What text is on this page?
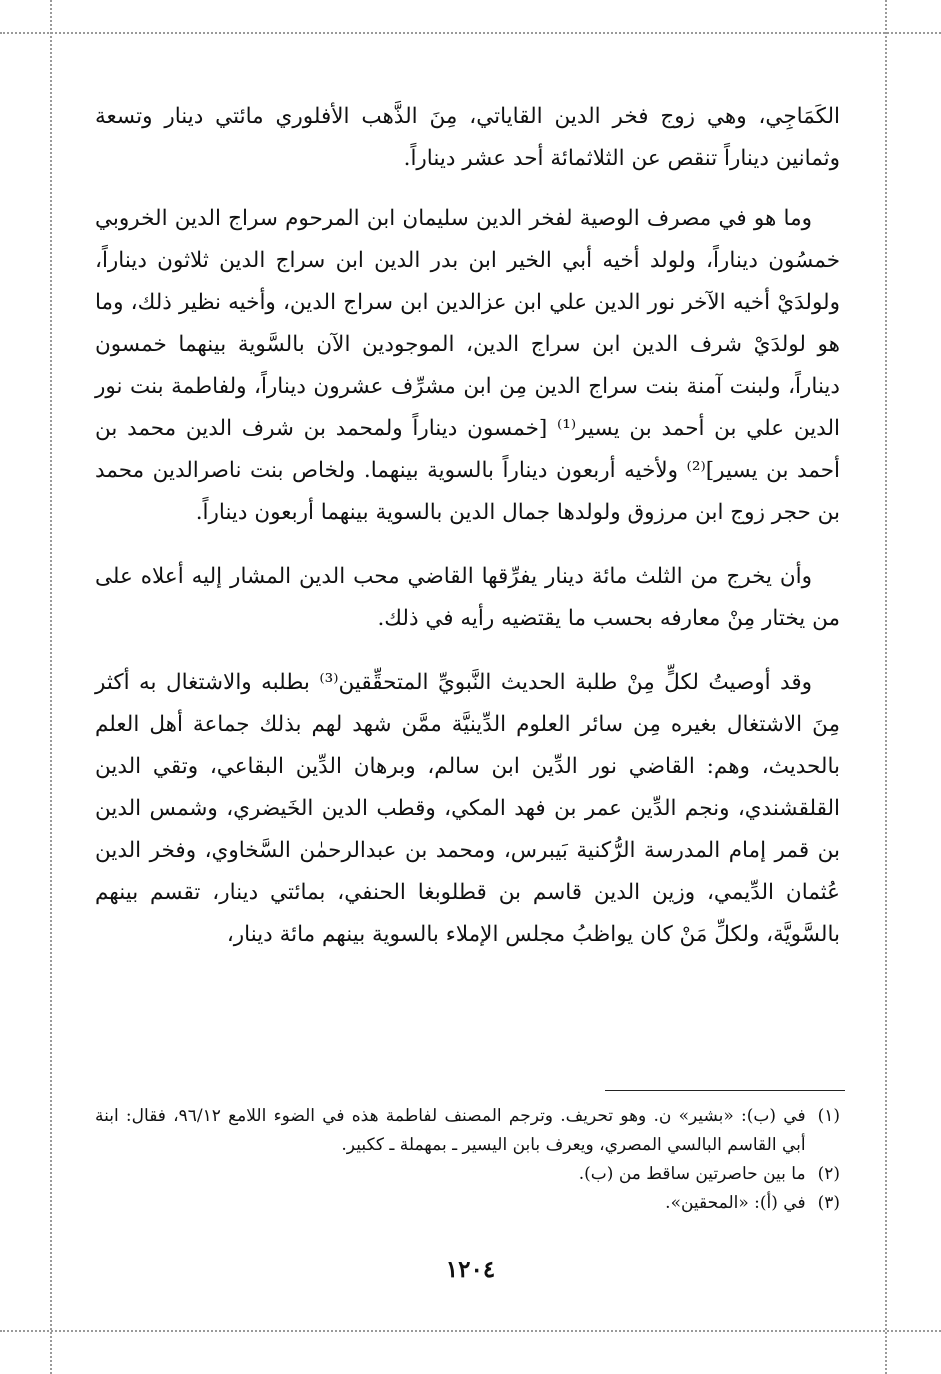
الكَمَاجِي، وهي زوج فخر الدين القاياتي، مِنَ الذَّهب الأفلوري مائتي دينار وتسعة وثمانين ديناراً تنقص عن الثلاثمائة أحد عشر ديناراً.

وما هو في مصرف الوصية لفخر الدين سليمان ابن المرحوم سراج الدين الخروبي خمسُون ديناراً، ولولد أخيه أبي الخير ابن بدر الدين ابن سراج الدين ثلاثون ديناراً، ولولدَيْ أخيه الآخر نور الدين علي ابن عزالدين ابن سراج الدين، وأخيه نظير ذلك، وما هو لولدَيْ شرف الدين ابن سراج الدين، الموجودين الآن بالسَّوية بينهما خمسون ديناراً، ولبنت آمنة بنت سراج الدين مِن ابن مشرِّف عشرون ديناراً، ولفاطمة بنت نور الدين علي بن أحمد بن يسير⁽¹⁾ [خمسون ديناراً ولمحمد بن شرف الدين محمد بن أحمد بن يسير]⁽²⁾ ولأخيه أربعون ديناراً بالسوية بينهما. ولخاص بنت ناصرالدين محمد بن حجر زوج ابن مرزوق ولولدها جمال الدين بالسوية بينهما أربعون ديناراً.

وأن يخرج من الثلث مائة دينار يفرِّقها القاضي محب الدين المشار إليه أعلاه على من يختار مِنْ معارفه بحسب ما يقتضيه رأيه في ذلك.

وقد أوصيتُ لكلٍّ مِنْ طلبة الحديث النَّبويِّ المتحقِّقين⁽³⁾ بطلبه والاشتغال به أكثر مِنَ الاشتغال بغيره مِن سائر العلوم الدِّينيَّة ممَّن شهد لهم بذلك جماعة أهل العلم بالحديث، وهم: القاضي نور الدِّين ابن سالم، وبرهان الدِّين البقاعي، وتقي الدين القلقشندي، ونجم الدِّين عمر بن فهد المكي، وقطب الدين الخَيضري، وشمس الدين بن قمر إمام المدرسة الرُّكنية بَيبرس، ومحمد بن عبدالرحمٰن السَّخاوي، وفخر الدين عُثمان الدِّيمي، وزين الدين قاسم بن قطلوبغا الحنفي، بمائتي دينار، تقسم بينهم بالسَّويَّة، ولكلِّ مَنْ كان يواظبُ مجلس الإملاء بالسوية بينهم مائة دينار،

(١)
في (ب): «بشير» ن. وهو تحريف. وترجم المصنف لفاطمة هذه في الضوء اللامع ٩٦/١٢، فقال: ابنة أبي القاسم البالسي المصري، ويعرف بابن اليسير ـ بمهملة ـ ككبير.
(٢)
ما بين حاصرتين ساقط من (ب).
(٣)
في (أ): «المحقين».
١٢٠٤
